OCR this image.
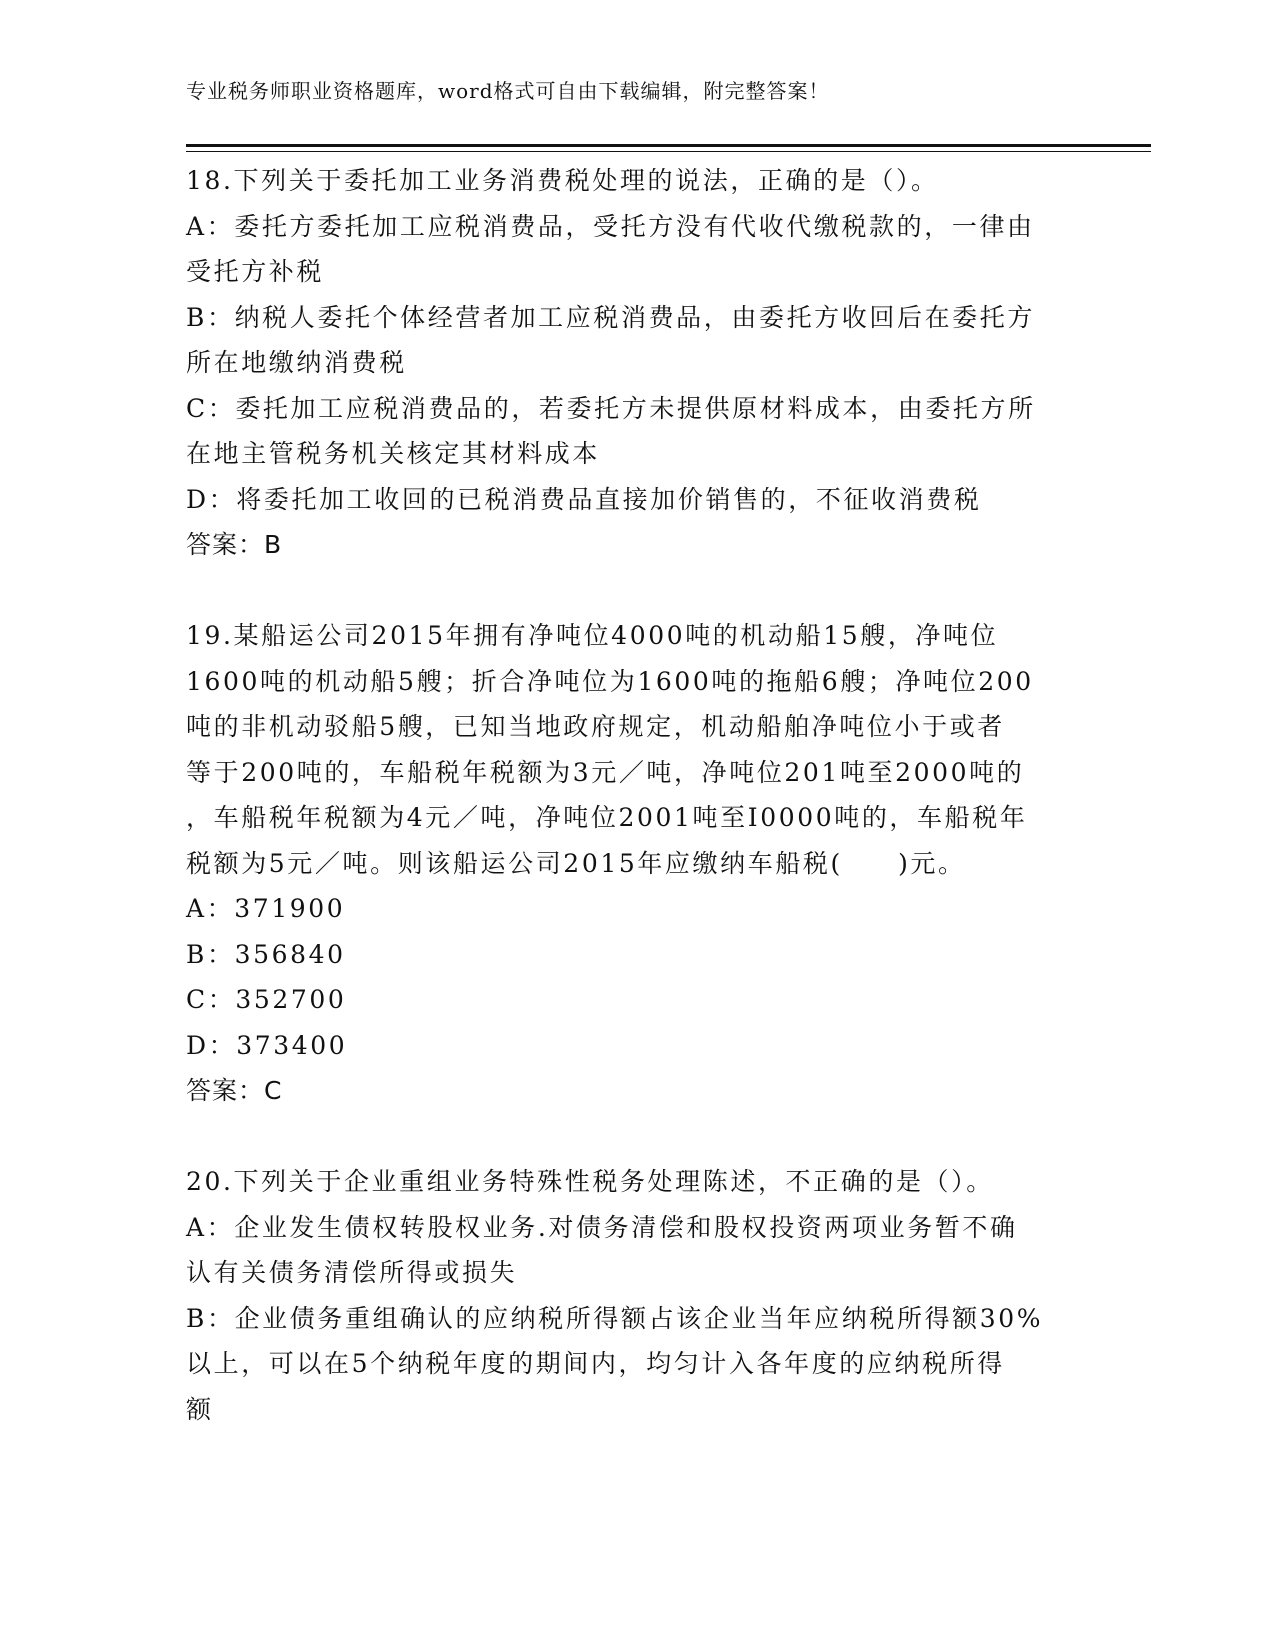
专业税务师职业资格题库，word格式可自由下载编辑，附完整答案！
18.下列关于委托加工业务消费税处理的说法，正确的是（）。
A：委托方委托加工应税消费品，受托方没有代收代缴税款的，一律由
受托方补税
B：纳税人委托个体经营者加工应税消费品，由委托方收回后在委托方
所在地缴纳消费税
C：委托加工应税消费品的，若委托方未提供原材料成本，由委托方所
在地主管税务机关核定其材料成本
D：将委托加工收回的已税消费品直接加价销售的，不征收消费税
答案：B
19.某船运公司2015年拥有净吨位4000吨的机动船15艘，净吨位
1600吨的机动船5艘；折合净吨位为1600吨的拖船6艘；净吨位200
吨的非机动驳船5艘，已知当地政府规定，机动船舶净吨位小于或者
等于200吨的，车船税年税额为3元／吨，净吨位201吨至2000吨的
，车船税年税额为4元／吨，净吨位2001吨至I0000吨的，车船税年
税额为5元／吨。则该船运公司2015年应缴纳车船税(　　)元。
A：371900
B：356840
C：352700
D：373400
答案：C
20.下列关于企业重组业务特殊性税务处理陈述，不正确的是（）。
A：企业发生债权转股权业务.对债务清偿和股权投资两项业务暂不确
认有关债务清偿所得或损失
B：企业债务重组确认的应纳税所得额占该企业当年应纳税所得额30%
以上，可以在5个纳税年度的期间内，均匀计入各年度的应纳税所得
额
